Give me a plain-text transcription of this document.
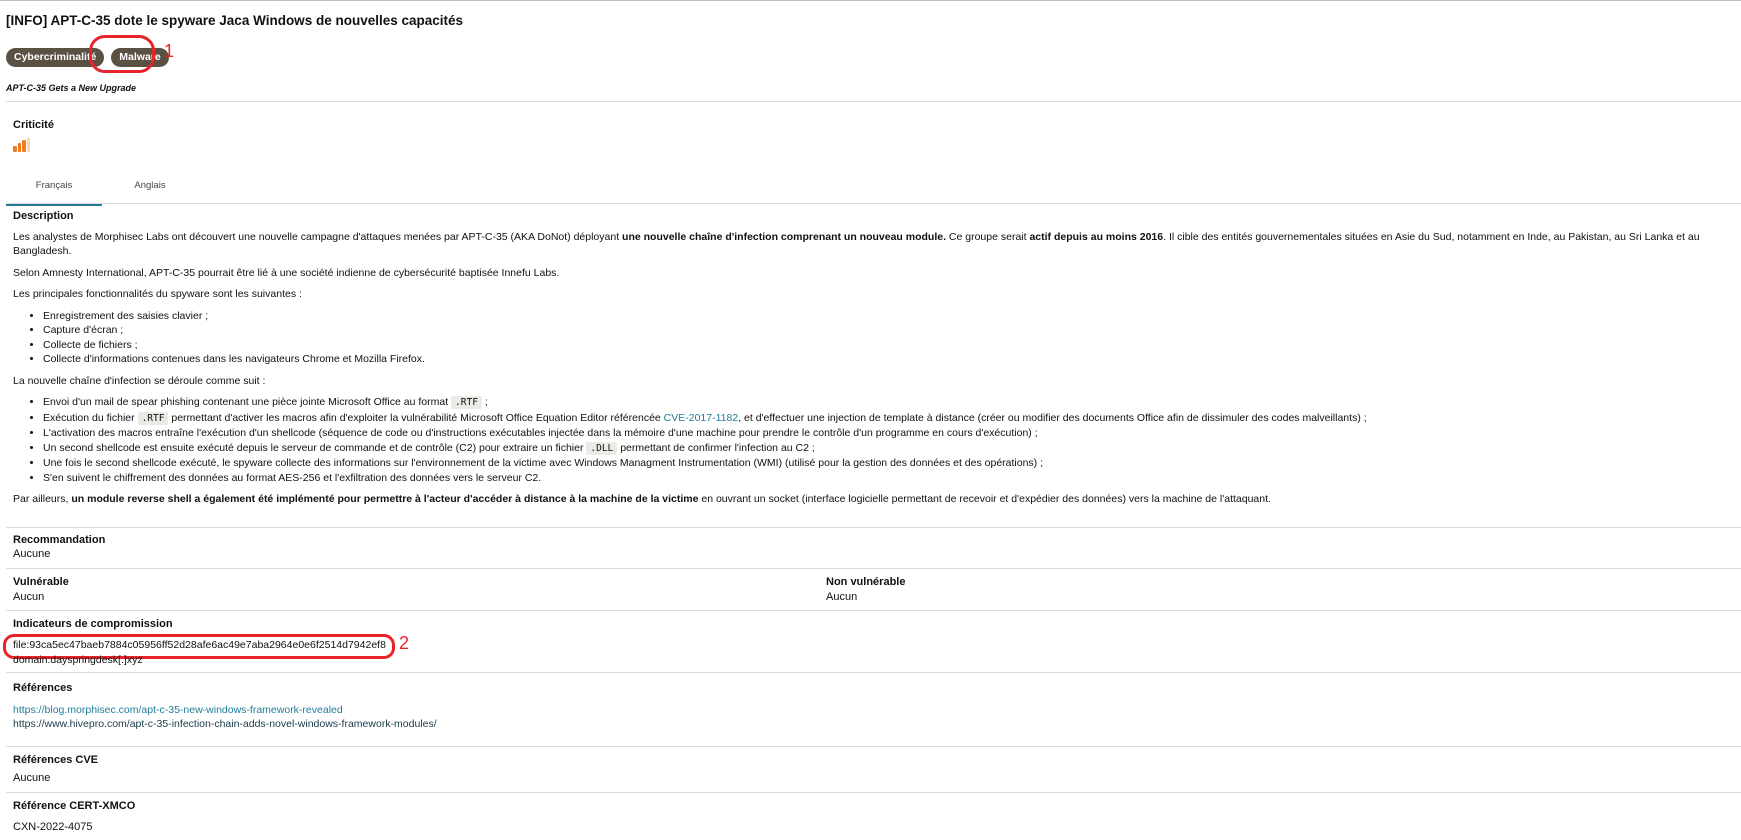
[INFO] APT-C-35 dote le spyware Jaca Windows de nouvelles capacités
Cybercriminalité	Malware 1
APT-C-35 Gets a New Upgrade
Criticité
Français	Anglais

Description

Les analystes de Morphisec Labs ont découvert une nouvelle campagne d'attaques menées par APT-C-35 (AKA DoNot) déployant une nouvelle chaîne d'infection comprenant un nouveau module. Ce groupe serait actif depuis au moins 2016. Il cible des entités gouvernementales situées en Asie du Sud, notamment en Inde, au Pakistan, au Sri Lanka et au Bangladesh.

Selon Amnesty International, APT-C-35 pourrait être lié à une société indienne de cybersécurité baptisée Innefu Labs.

Les principales fonctionnalités du spyware sont les suivantes :

• Enregistrement des saisies clavier ;
• Capture d'écran ;
• Collecte de fichiers ;
• Collecte d'informations contenues dans les navigateurs Chrome et Mozilla Firefox.

La nouvelle chaîne d'infection se déroule comme suit :

• Envoi d'un mail de spear phishing contenant une pièce jointe Microsoft Office au format .RTF ;
• Exécution du fichier .RTF permettant d'activer les macros afin d'exploiter la vulnérabilité Microsoft Office Equation Editor référencée CVE-2017-1182, et d'effectuer une injection de template à distance (créer ou modifier des documents Office afin de dissimuler des codes malveillants) ;
• L'activation des macros entraîne l'exécution d'un shellcode (séquence de code ou d'instructions exécutables injectée dans la mémoire d'une machine pour prendre le contrôle d'un programme en cours d'exécution) ;
• Un second shellcode est ensuite exécuté depuis le serveur de commande et de contrôle (C2) pour extraire un fichier .DLL permettant de confirmer l'infection au C2 ;
• Une fois le second shellcode exécuté, le spyware collecte des informations sur l'environnement de la victime avec Windows Managment Instrumentation (WMI) (utilisé pour la gestion des données et des opérations) ;
• S'en suivent le chiffrement des données au format AES-256 et l'exfiltration des données vers le serveur C2.

Par ailleurs, un module reverse shell a également été implémenté pour permettre à l'acteur d'accéder à distance à la machine de la victime en ouvrant un socket (interface logicielle permettant de recevoir et d'expédier des données) vers la machine de l'attaquant.

Recommandation
Aucune
Vulnérable
Aucun
Non vulnérable
Aucun
Indicateurs de compromission
file:93ca5ec47baeb7884c05956ff52d28afe6ac49e7aba2964e0e6f2514d7942ef8 2
domain:dayspringdesk[.]xyz
Références
https://blog.morphisec.com/apt-c-35-new-windows-framework-revealed
https://www.hivepro.com/apt-c-35-infection-chain-adds-novel-windows-framework-modules/
Références CVE
Aucune
Référence CERT-XMCO
CXN-2022-4075
